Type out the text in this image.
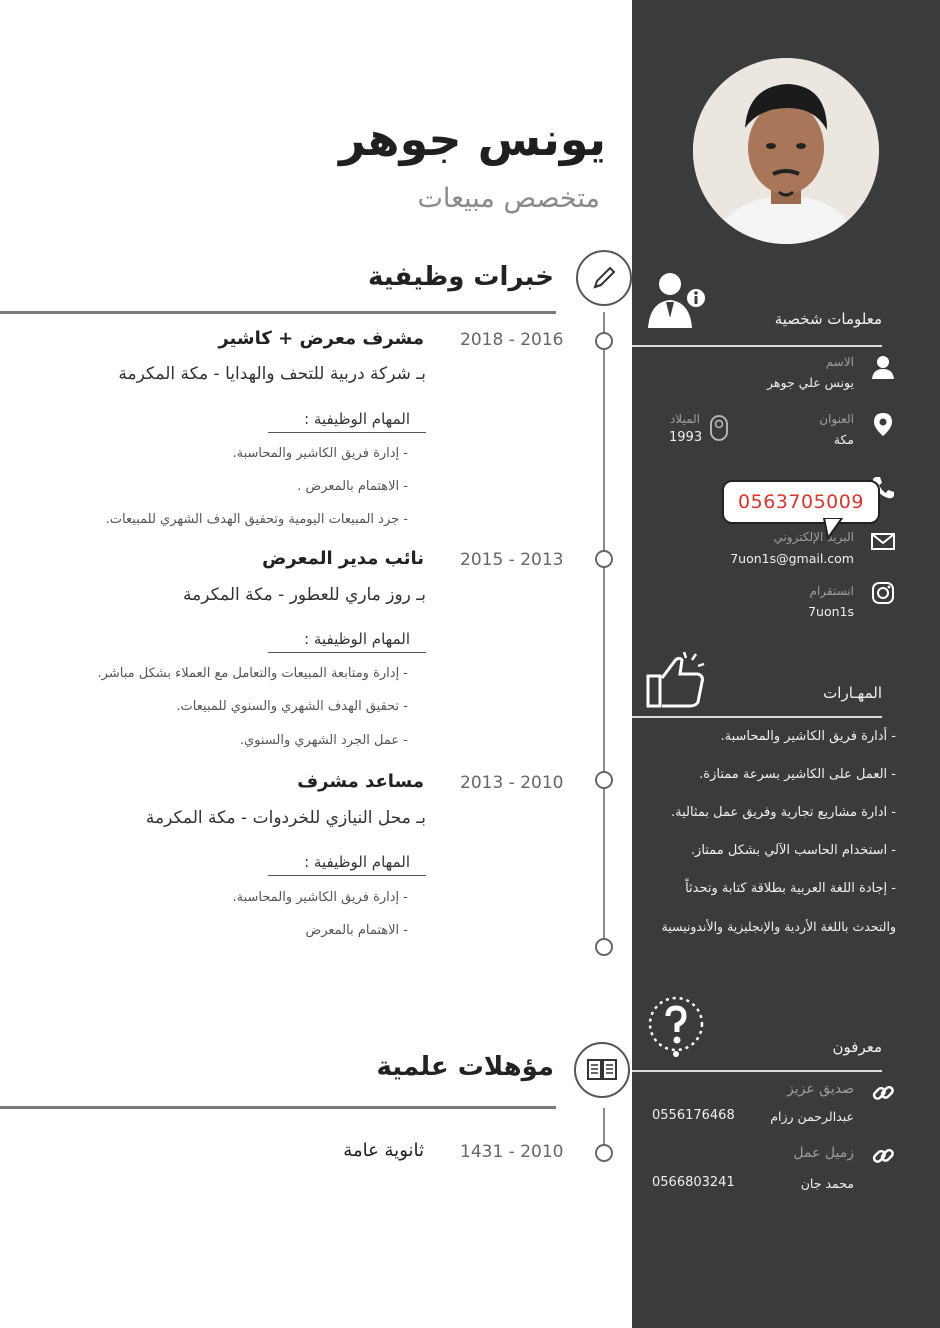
يونس جوهر
متخصص مبيعات
خبرات وظيفية
2018 - 2016
مشرف معرض + كاشير
بـ شركة دربية للتحف والهدايا - مكة المكرمة
المهام الوظيفية :
- إدارة فريق الكاشير والمحاسبة.
- الاهتمام بالمعرض .
- جرد المبيعات اليومية وتحقيق الهدف الشهري للمبيعات.
2015 - 2013
نائب مدير المعرض
بـ روز ماري للعطور - مكة المكرمة
المهام الوظيفية :
- إدارة ومتابعة المبيعات والتعامل مع العملاء بشكل مباشر.
- تحقيق الهدف الشهري والسنوي للمبيعات.
- عمل الجرد الشهري والسنوي.
2013 - 2010
مساعد مشرف
بـ محل النيازي للخردوات - مكة المكرمة
المهام الوظيفية :
- إدارة فريق الكاشير والمحاسبة.
- الاهتمام بالمعرض
مؤهلات علمية
1431 - 2010
ثانوية عامة
معلومات شخصية
الاسم
يونس علي جوهر
العنوان
مكة
الميلاد
1993
البريد الإلكتروني
7uon1s@gmail.com
انستقرام
7uon1s
0563705009
المهـارات
- أدارة فريق الكاشير والمحاسبة.
- العمل على الكاشير بسرعة ممتازة.
- ادارة مشاريع تجارية وفريق عمل بمثالية.
- استخدام الحاسب الآلي بشكل ممتاز.
- إجادة اللغة العربية بطلاقة كتابة وتحدثاً
والتحدث باللغة الأردية والإنجليزية والأندونيسية
معرفون
صديق عزيز
عبدالرحمن رزام
0556176468
زميل عمل
محمد جان
0566803241
